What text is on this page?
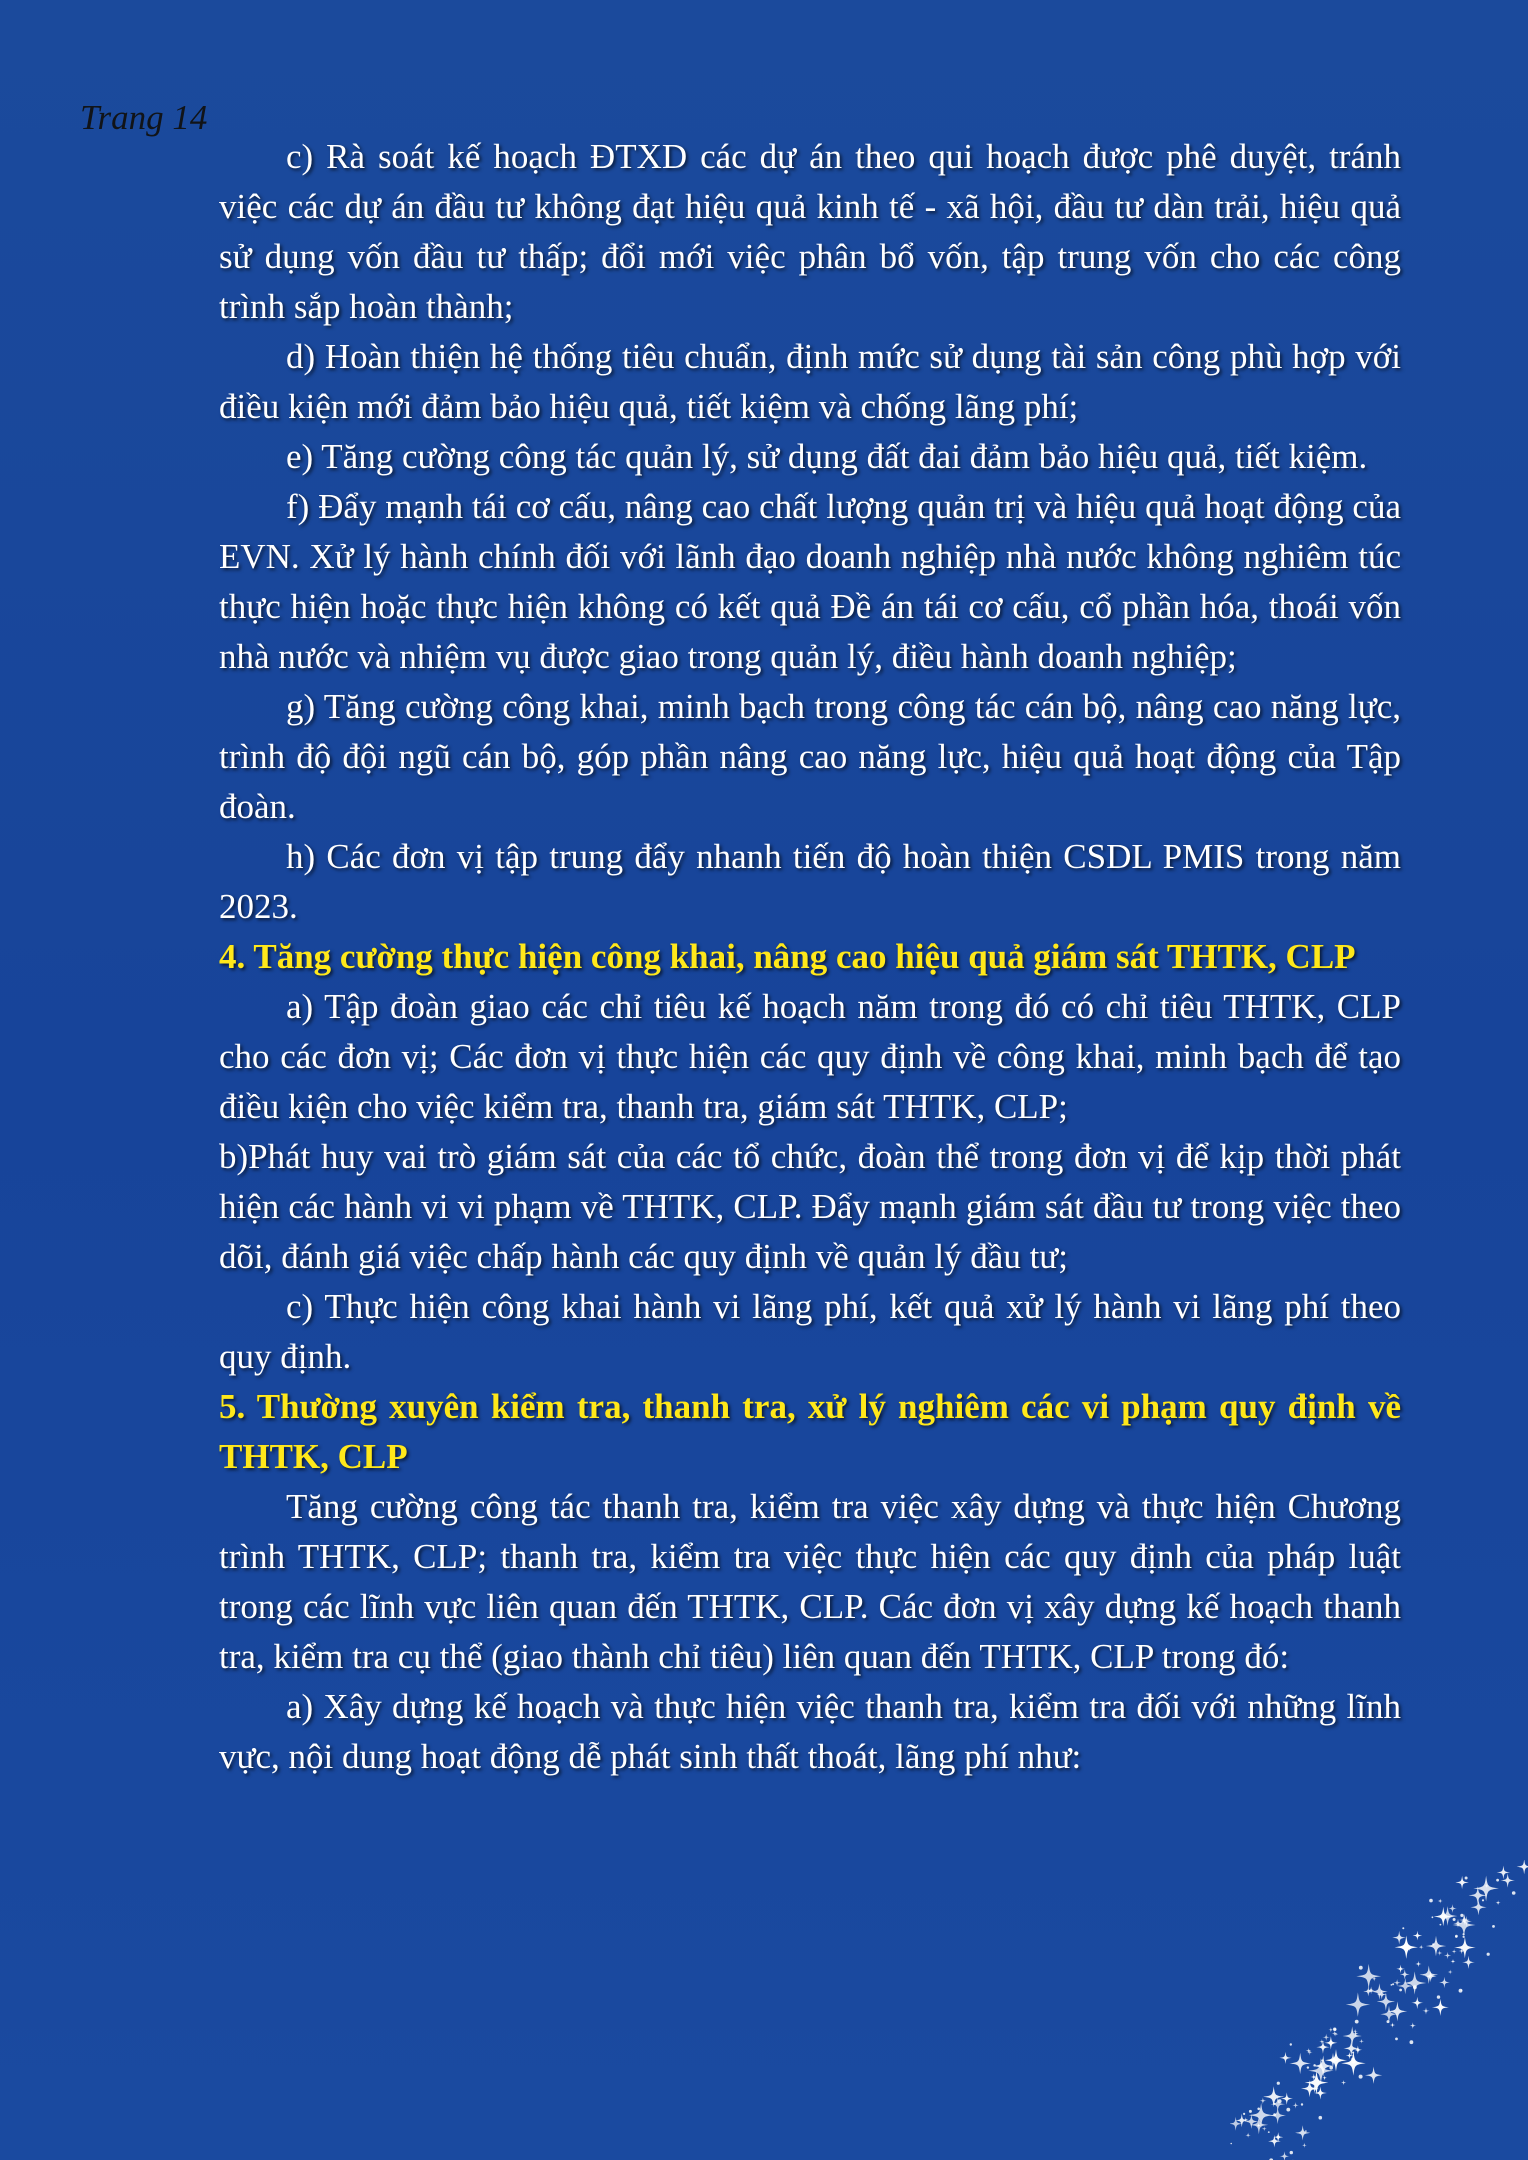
Trang 14

c) Rà soát kế hoạch ĐTXD các dự án theo qui hoạch được phê duyệt, tránh việc các dự án đầu tư không đạt hiệu quả kinh tế - xã hội, đầu tư dàn trải, hiệu quả sử dụng vốn đầu tư thấp; đổi mới việc phân bổ vốn, tập trung vốn cho các công trình sắp hoàn thành;

d) Hoàn thiện hệ thống tiêu chuẩn, định mức sử dụng tài sản công phù hợp với điều kiện mới đảm bảo hiệu quả, tiết kiệm và chống lãng phí;

e) Tăng cường công tác quản lý, sử dụng đất đai đảm bảo hiệu quả, tiết kiệm.

f) Đẩy mạnh tái cơ cấu, nâng cao chất lượng quản trị và hiệu quả hoạt động của EVN. Xử lý hành chính đối với lãnh đạo doanh nghiệp nhà nước không nghiêm túc thực hiện hoặc thực hiện không có kết quả Đề án tái cơ cấu, cổ phần hóa, thoái vốn nhà nước và nhiệm vụ được giao trong quản lý, điều hành doanh nghiệp;

g) Tăng cường công khai, minh bạch trong công tác cán bộ, nâng cao năng lực, trình độ đội ngũ cán bộ, góp phần nâng cao năng lực, hiệu quả hoạt động của Tập đoàn.

h) Các đơn vị tập trung đẩy nhanh tiến độ hoàn thiện CSDL PMIS trong năm 2023.

4. Tăng cường thực hiện công khai, nâng cao hiệu quả giám sát THTK, CLP

a) Tập đoàn giao các chỉ tiêu kế hoạch năm trong đó có chỉ tiêu THTK, CLP cho các đơn vị; Các đơn vị thực hiện các quy định về công khai, minh bạch để tạo điều kiện cho việc kiểm tra, thanh tra, giám sát THTK, CLP;

b)Phát huy vai trò giám sát của các tổ chức, đoàn thể trong đơn vị để kịp thời phát hiện các hành vi vi phạm về THTK, CLP. Đẩy mạnh giám sát đầu tư trong việc theo dõi, đánh giá việc chấp hành các quy định về quản lý đầu tư;

c) Thực hiện công khai hành vi lãng phí, kết quả xử lý hành vi lãng phí theo quy định.

5. Thường xuyên kiểm tra, thanh tra, xử lý nghiêm các vi phạm quy định về THTK, CLP

Tăng cường công tác thanh tra, kiểm tra việc xây dựng và thực hiện Chương trình THTK, CLP; thanh tra, kiểm tra việc thực hiện các quy định của pháp luật trong các lĩnh vực liên quan đến THTK, CLP. Các đơn vị xây dựng kế hoạch thanh tra, kiểm tra cụ thể (giao thành chỉ tiêu) liên quan đến THTK, CLP trong đó:

a) Xây dựng kế hoạch và thực hiện việc thanh tra, kiểm tra đối với những lĩnh vực, nội dung hoạt động dễ phát sinh thất thoát, lãng phí như:
